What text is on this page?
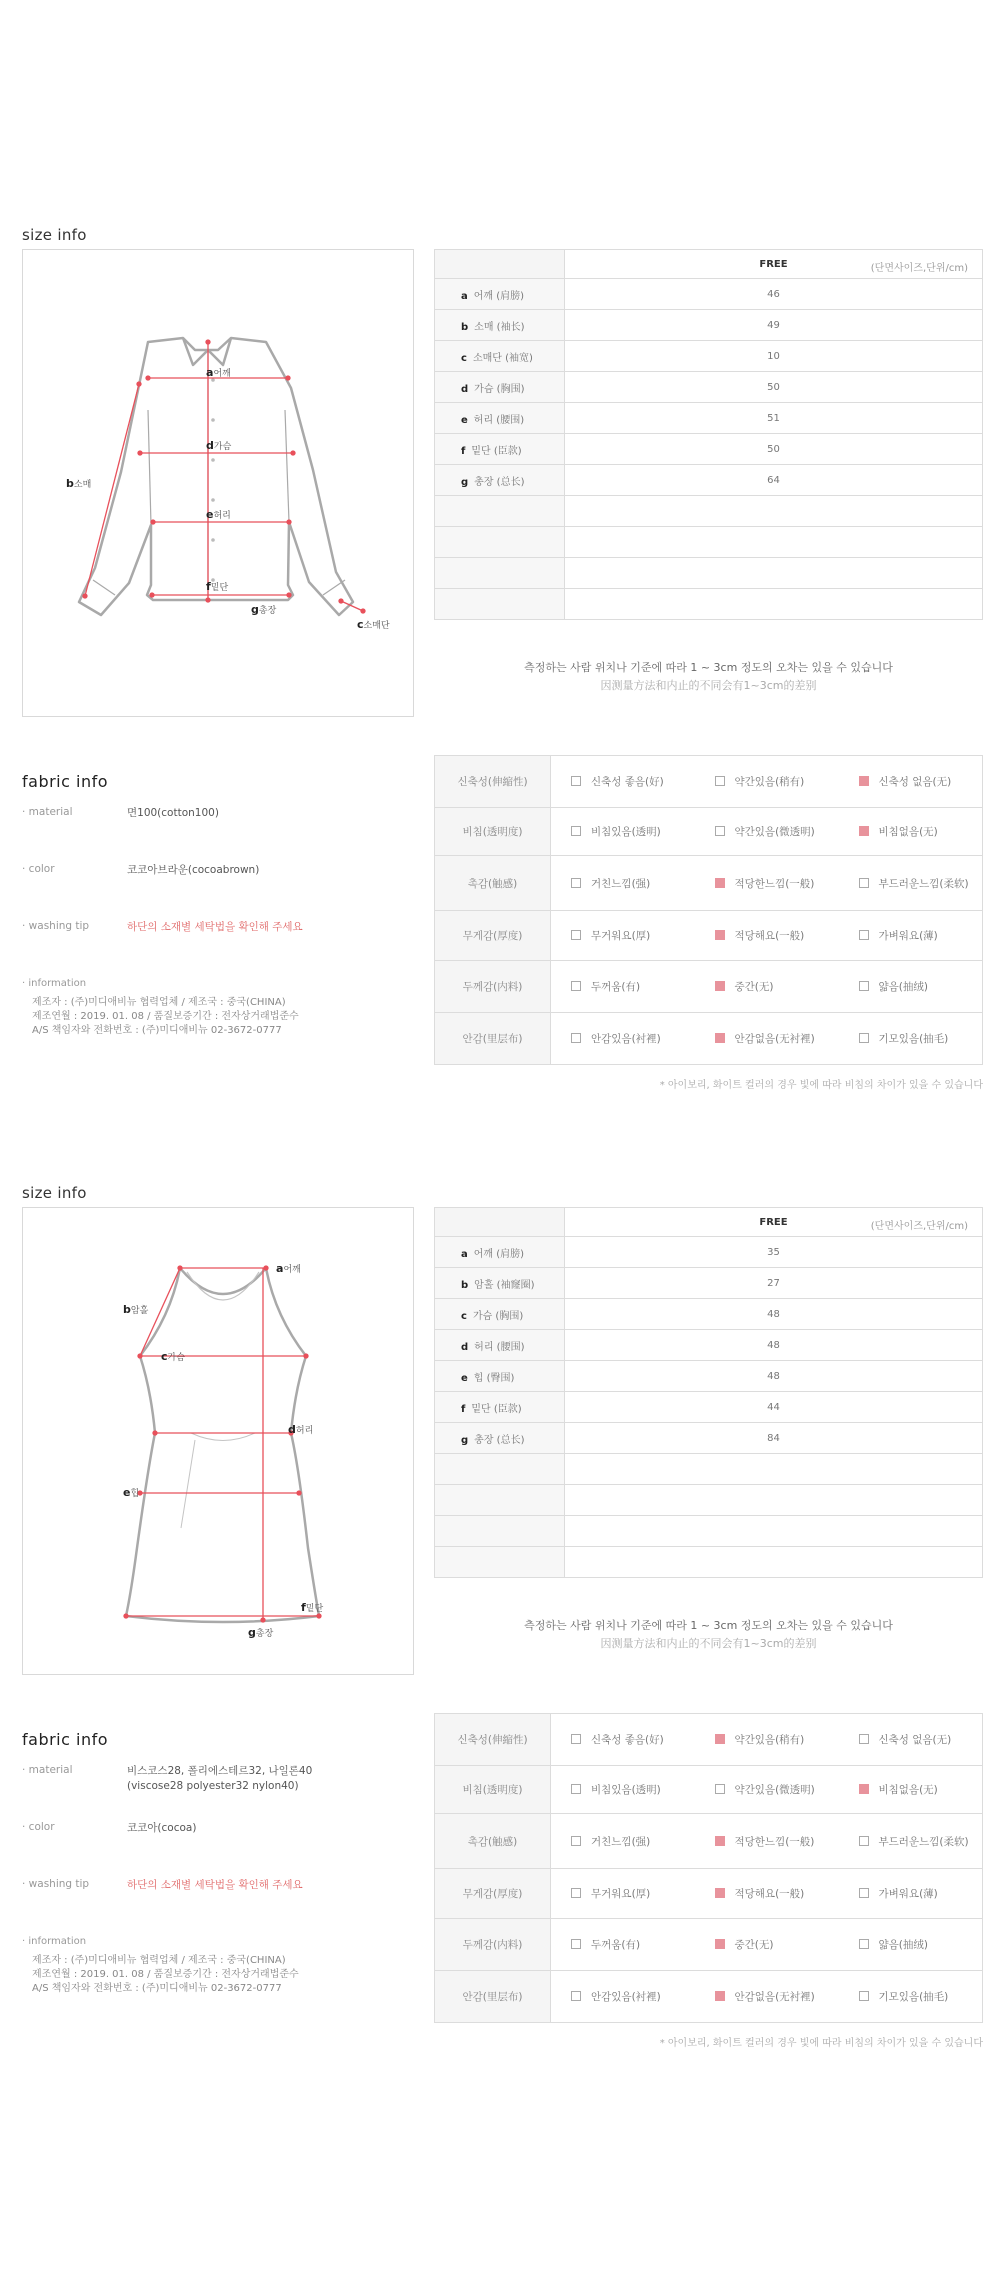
size info
a어깨
b소매
d가슴
e허리
f밑단
g총장
c소매단
	FREE (단면사이즈,단위/cm)

a 어깨 (肩膀)	46
b 소매 (袖长)	49
c 소매단 (袖宽)	10
d 가슴 (胸围)	50
e 허리 (腰围)	51
f 밑단 (臣款)	50
g 총장 (总长)	64

측정하는 사람 위치나 기준에 따라 1 ~ 3cm 정도의 오차는 있을 수 있습니다
因测量方法和内止的不同会有1~3cm的差别
fabric info
· material	면100(cotton100)
· color	코코아브라운(cocoabrown)
· washing tip	하단의 소재별 세탁법을 확인해 주세요
· information
제조자 : (주)미디애비뉴 협력업체 / 제조국 : 중국(CHINA)
제조연월 : 2019. 01. 08 / 품질보증기간 : 전자상거래법준수
A/S 책임자와 전화번호 : (주)미디애비뉴 02-3672-0777
신축성(伸縮性)	신축성 좋음(好)	약간있음(稍有)	신축성 없음(无)
비침(透明度)	비침있음(透明)	약간있음(微透明)	비침없음(无)
촉감(触感)	거친느낌(强)	적당한느낌(一般)	부드러운느낌(柔软)
무게감(厚度)	무거워요(厚)	적당해요(一般)	가벼워요(薄)
두께감(内料)	두꺼움(有)	중간(无)	얇음(抽绒)
안감(里层布)	안감있음(衬裡)	안감없음(无衬裡)	기모있음(抽毛)
* 아이보리, 화이트 컬러의 경우 빛에 따라 비침의 차이가 있을 수 있습니다
size info
a어깨
b암홀
c가슴
d허리
e힙
f밑단
g총장
	FREE (단면사이즈,단위/cm)

a 어깨 (肩膀)	35
b 암홀 (袖窿圈)	27
c 가슴 (胸围)	48
d 허리 (腰围)	48
e 힙 (臀围)	48
f 밑단 (臣款)	44
g 총장 (总长)	84

측정하는 사람 위치나 기준에 따라 1 ~ 3cm 정도의 오차는 있을 수 있습니다
因测量方法和内止的不同会有1~3cm的差别
fabric info
· material	비스코스28, 폴리에스테르32, 나일론40 (viscose28 polyester32 nylon40)
· color	코코아(cocoa)
· washing tip	하단의 소재별 세탁법을 확인해 주세요
· information
제조자 : (주)미디애비뉴 협력업체 / 제조국 : 중국(CHINA)
제조연월 : 2019. 01. 08 / 품질보증기간 : 전자상거래법준수
A/S 책임자와 전화번호 : (주)미디애비뉴 02-3672-0777
신축성(伸縮性)	신축성 좋음(好)	약간있음(稍有)	신축성 없음(无)
비침(透明度)	비침있음(透明)	약간있음(微透明)	비침없음(无)
촉감(触感)	거친느낌(强)	적당한느낌(一般)	부드러운느낌(柔软)
무게감(厚度)	무거워요(厚)	적당해요(一般)	가벼워요(薄)
두께감(内料)	두꺼움(有)	중간(无)	얇음(抽绒)
안감(里层布)	안감있음(衬裡)	안감없음(无衬裡)	기모있음(抽毛)
* 아이보리, 화이트 컬러의 경우 빛에 따라 비침의 차이가 있을 수 있습니다
